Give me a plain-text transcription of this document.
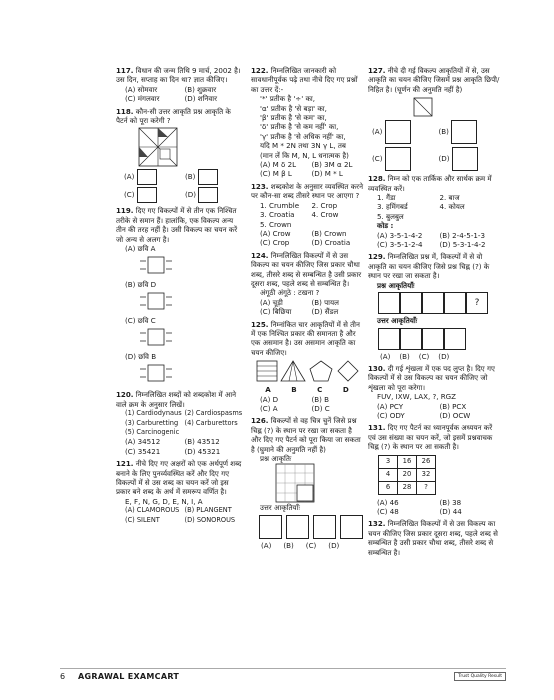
117. विधान की जन्म तिथि 9 मार्च, 2002 है। उस दिन, सप्ताह का दिन था? ज्ञात कीजिए।
(A) सोमवार	(B) शुक्रवार
(C) मंगलवार	(D) शनिवार
118. कौन-सी उत्तर आकृति प्रश्न आकृति के पैटर्न को पूरा करेगी ?
(A)	(B)
(C)	(D)
119. दिए गए विकल्पों में से तीन एक निश्चित तरीके से समान हैं। हालांकि, एक विकल्प अन्य तीन की तरह नहीं है। उसी विकल्प का चयन करें जो अन्य से अलग है।
(A) छवि A
(B) छवि D
(C) छवि C
(D) छवि B
120. निम्नलिखित शब्दों को शब्दकोश में आने वाले क्रम के अनुसार लिखें।
(1) Cardiodynaus (2) Cardiospasms
(3) Carburetting (4) Carburettors
(5) Carcinogenic
(A) 34512	(B) 43512
(C) 35421	(D) 45321
121. नीचे दिए गए अक्षरों को एक अर्थपूर्ण शब्द बनाने के लिए पुनर्व्यवस्थित करें और दिए गए विकल्पों में से उस शब्द का चयन करें जो इस प्रकार बने शब्द के अर्थ में समरूप वर्णित है।
E, F, N, G, D, E, N, I, A
(A) CLAMOROUS (B) PLANGENT
(C) SILENT	(D) SONOROUS
122. निम्नलिखित जानकारी को सावधानीपूर्वक पढ़े तथा नीचे दिए गए प्रश्नों का उत्तर दें:-
'*' प्रतीक है '÷' का,
'α' प्रतीक है 'से बड़ा' का,
'β' प्रतीक है 'से कम' का,
'δ' प्रतीक है 'से कम नहीं' का,
'γ' प्रतीक है 'से अधिक नहीं' का,
यदि M * 2N तथा 3N γ L, तब
(मान लें कि M, N, L धनात्मक है)
(A) M δ 2L	(B) 3M α 2L
(C) M β L	(D) M * L
123. शब्दकोश के अनुसार व्यवस्थित करने पर कौन-सा शब्द तीसरे स्थान पर आएगा ?
1. Crumble	2. Crop
3. Croatia	4. Crow
5. Crown
(A) Crow	(B) Crown
(C) Crop	(D) Croatia
124. निम्नलिखित विकल्पों में से उस विकल्प का चयन कीजिए जिस प्रकार चौथा शब्द, तीसरे शब्द से सम्बन्धित है उसी प्रकार दूसरा शब्द, पहले शब्द से सम्बन्धित है।
अंगूठी अंगूठे : टखना ?
(A) चूड़ी	(B) पायल
(C) बिछिया	(D) सैंडल
125. निम्नांकित चार आकृतियों में से तीन में एक निश्चित प्रकार की समानता है और एक असमान है। उस असमान आकृति का चयन कीजिए।
A	B	C	D
(A) D	(B) B
(C) A	(D) C
126. विकल्पों से वह चित्र चुनें जिसे प्रश्न चिह्न (?) के स्थान पर रखा जा सकता है और दिए गए पैटर्न को पूरा किया जा सकता है (घुमाने की अनुमति नहीं है)
प्रश्न आकृतिः
उत्तर आकृतियाँः
(A) (B) (C) (D)
127. नीचे दी गई विकल्प आकृतियों में से, उस आकृति का चयन कीजिए जिसमें प्रश्न आकृति छिपी/निहित है। (घूर्णन की अनुमति नहीं है)
(A)	(B)
(C)	(D)
128. निम्न को एक तार्किक और सार्थक क्रम में व्यवस्थित करें।
1. गैंडा	2. बाज
3. हमिंगबर्ड	4. कोयल
5. बुलबुल
कोड :
(A) 3-5-1-4-2	(B) 2-4-5-1-3
(C) 3-5-1-2-4	(D) 5-3-1-4-2
129. निम्नलिखित प्रश्न में, विकल्पों में से वो आकृति का चयन कीजिए जिसे प्रश्न चिह्न (?) के स्थान पर रखा जा सकता है।
प्रश्न आकृतियाँः
?
उत्तर आकृतियाँः
(A) (B) (C) (D)
130. दी गई शृंखला में एक पद लुप्त है। दिए गए विकल्पों में से उस विकल्प का चयन कीजिए जो शृंखला को पूरा करेगा।
FUV, IXW, LAX, ?, RGZ
(A) PCY	(B) PCX
(C) ODY	(D) OCW
131. दिए गए पैटर्न का ध्यानपूर्वक अध्ययन करें एवं उस संख्या का चयन करें, जो इसमें प्रश्नवाचक चिह्न (?) के स्थान पर आ सकती है।
3	16	26
4	20	32
6	28	?
(A) 46	(B) 38
(C) 48	(D) 44
132. निम्नलिखित विकल्पों में से उस विकल्प का चयन कीजिए जिस प्रकार दूसरा शब्द, पहले शब्द से सम्बन्धित है उसी प्रकार चौथा शब्द, तीसरे शब्द से सम्बन्धित है।
6	AGRAWAL EXAMCART	Trust Quality Result
